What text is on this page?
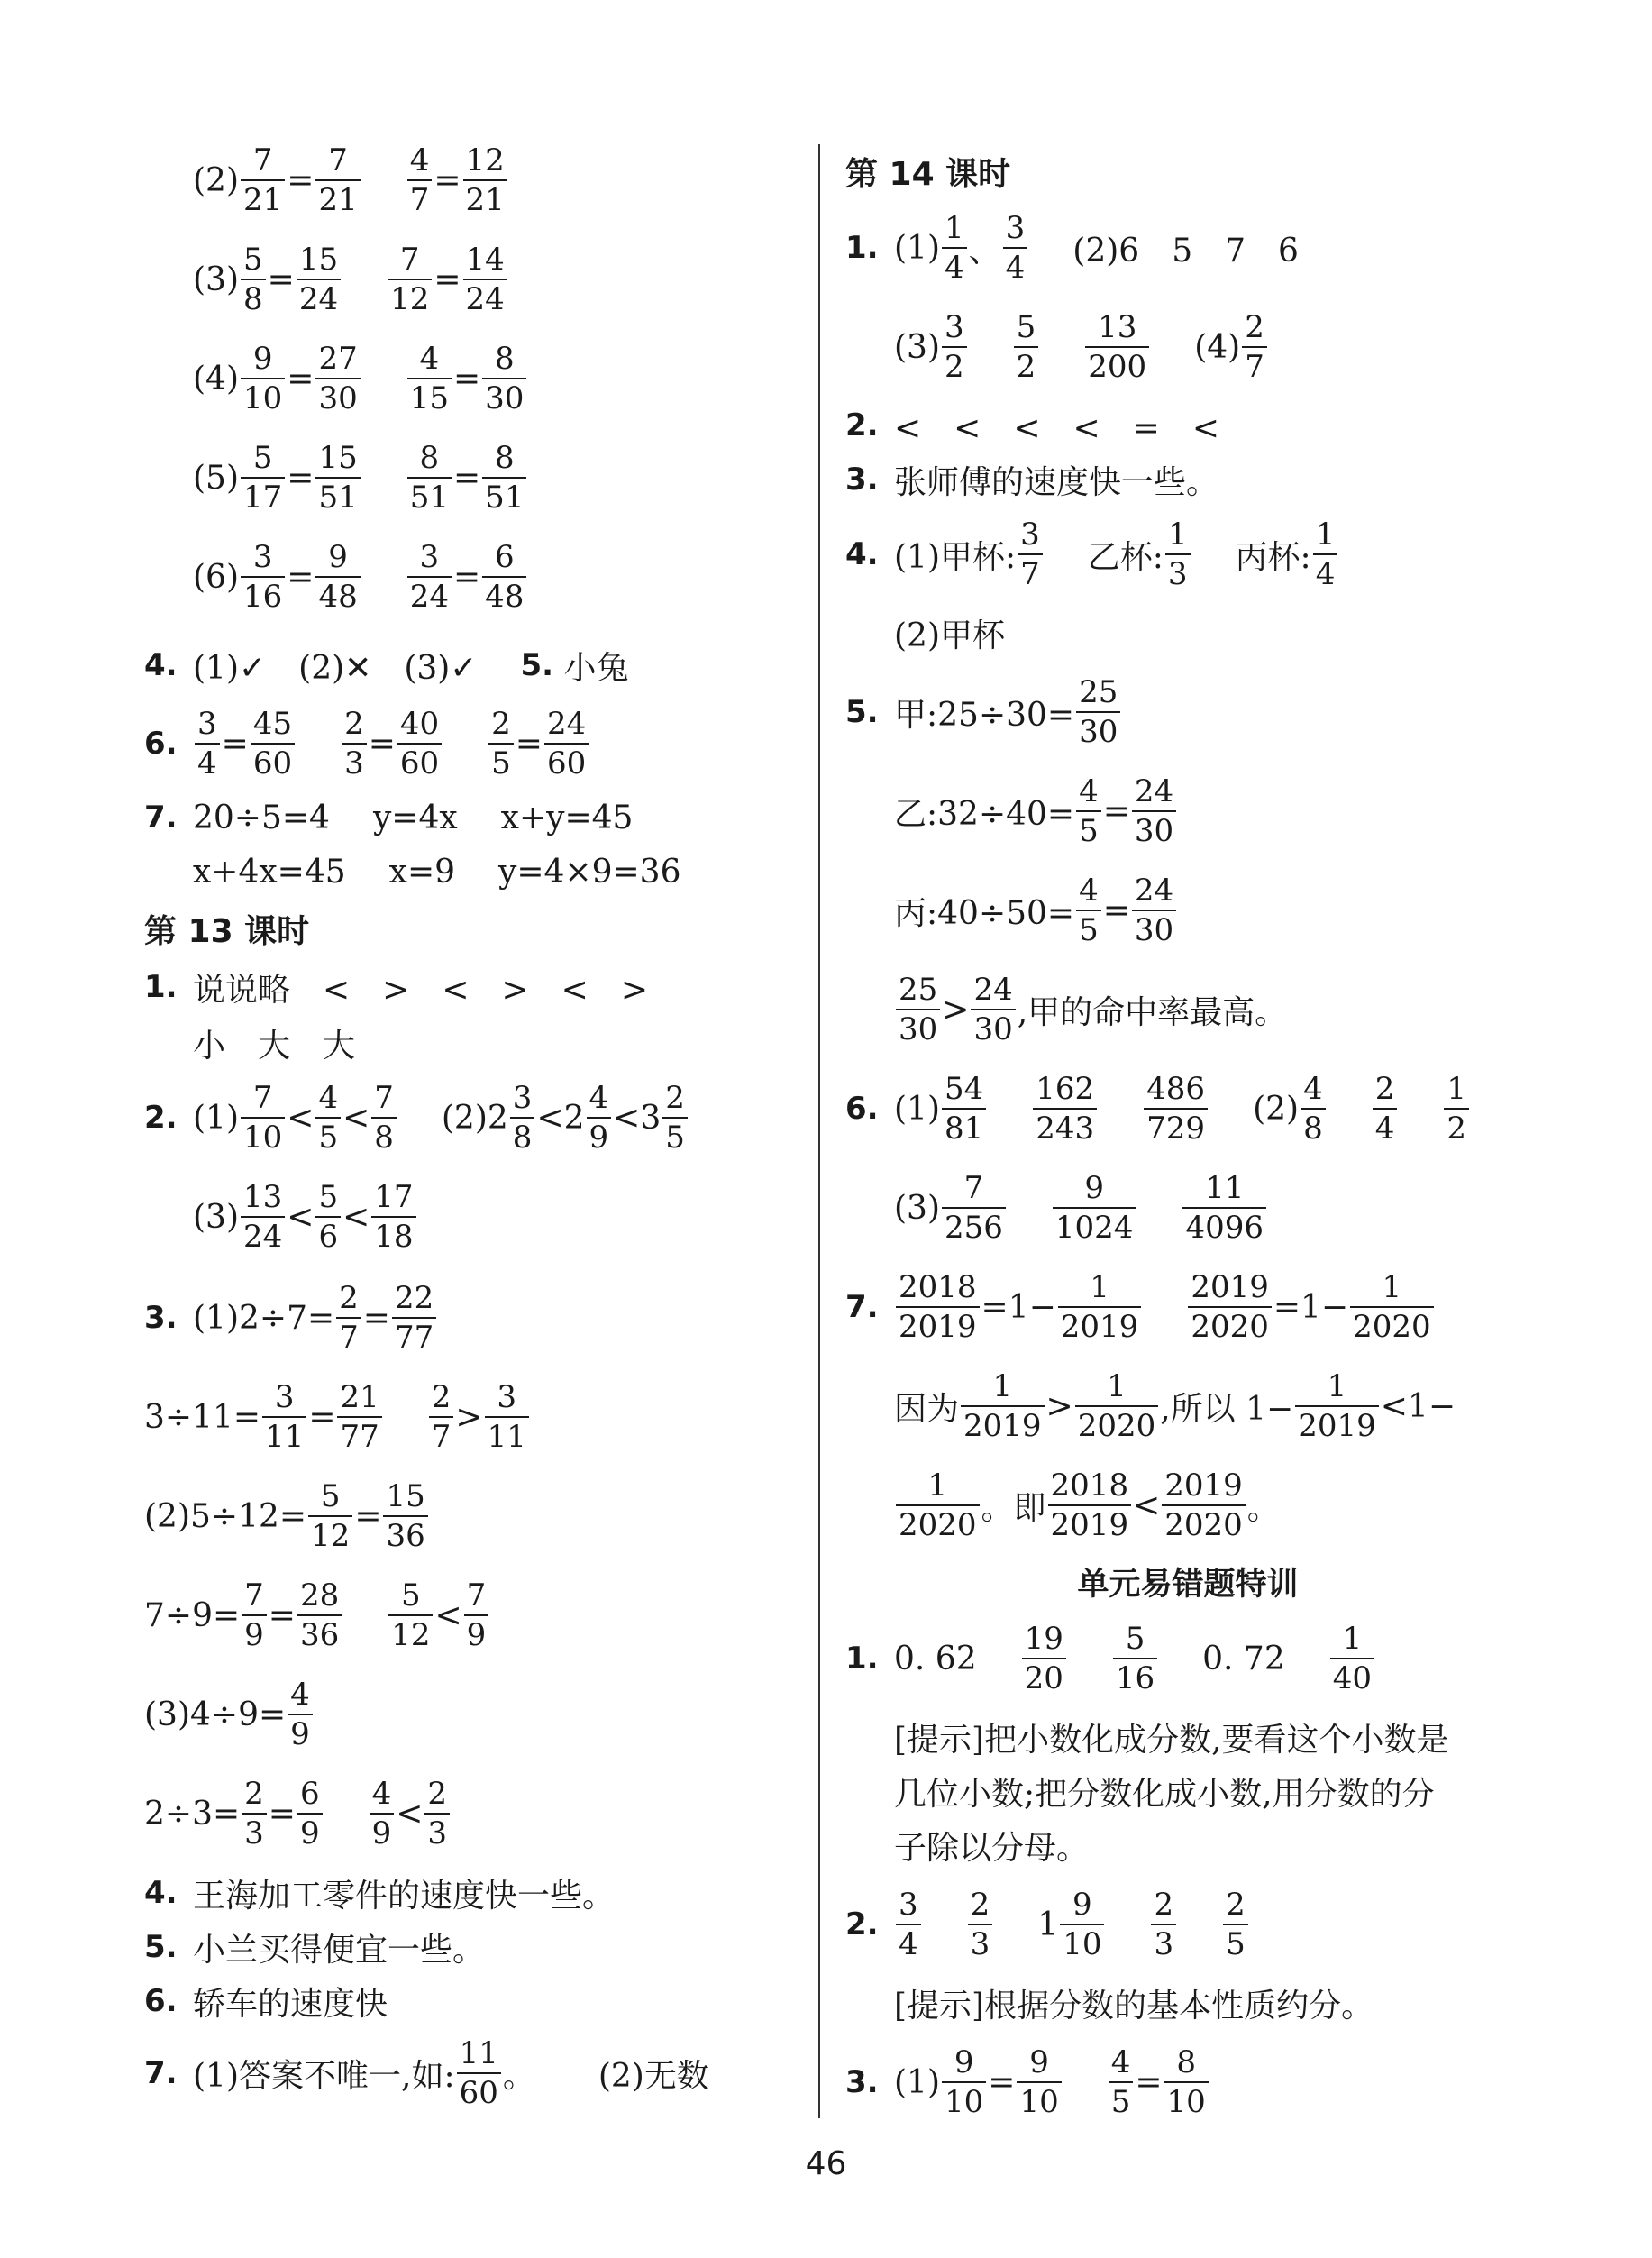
$(2) \frac{7}{21} = \frac{7}{21} \frac{4}{7} = \frac{12}{21}$
$(3) \frac{5}{8} = \frac{15}{24} \frac{7}{12} = \frac{14}{24}$
$(4) \frac{9}{10} = \frac{27}{30} \frac{4}{15} = \frac{8}{30}$
$(5) \frac{5}{17} = \frac{15}{51} \frac{8}{51} = \frac{8}{51}$
$(6) \frac{3}{16} = \frac{9}{48} \frac{3}{24} = \frac{6}{48}$
4. (1)✓　(2)✕　(3)✓ 5. 小兔
6. $\frac{3}{4} = \frac{45}{60} \frac{2}{3} = \frac{40}{60} \frac{2}{5} = \frac{24}{60}$
7. 20÷5=4 y=4x x+y=45
x+4x=45 x=9 y=4×9=36
第 13 课时
1. 说说略　<　>　<　>　<　>
小　大　大
2. $(1) \frac{7}{10} < \frac{4}{5} < \frac{7}{8} (2)$ $2 \frac{3}{8} < 2 \frac{4}{9} < 3 \frac{2}{5}$
$(3) \frac{13}{24} < \frac{5}{6} < \frac{17}{18}$
3. $(1)2\div 7= \frac{2}{7} = \frac{22}{77}$
$3\div 11= \frac{3}{11} = \frac{21}{77} \frac{2}{7} > \frac{3}{11}$
$(2)5\div 12= \frac{5}{12} = \frac{15}{36}$
$7\div 9= \frac{7}{9} = \frac{28}{36} \frac{5}{12} < \frac{7}{9}$
$(3)4\div 9= \frac{4}{9}$
$2\div 3= \frac{2}{3} = \frac{6}{9} \frac{4}{9} < \frac{2}{3}$
4. 王海加工零件的速度快一些。
5. 小兰买得便宜一些。
6. 轿车的速度快
7. (1)答案不唯一,如: $\frac{11}{60}$ 。 (2)无数
第 14 课时
1. $(1) \frac{1}{4}$ 、 $\frac{3}{4} (2)6$　5　7　6
$(3) \frac{3}{2} \frac{5}{2} \frac{13}{200} (4) \frac{2}{7}$
2. <　<　<　<　=　<
3. 张师傅的速度快一些。
4. (1)甲杯: $\frac{3}{7}$ 乙杯: $\frac{1}{3}$ 丙杯: $\frac{1}{4}$
(2)甲杯
5. 甲:25÷30= $\frac{25}{30}$
乙:32÷40= $\frac{4}{5} = \frac{24}{30}$
丙:40÷50= $\frac{4}{5} = \frac{24}{30}$
$\frac{25}{30} > \frac{24}{30}$ ,甲的命中率最高。
6. $(1) \frac{54}{81} \frac{162}{243} \frac{486}{729} (2) \frac{4}{8} \frac{2}{4} \frac{1}{2}$
$(3) \frac{7}{256} \frac{9}{1024} \frac{11}{4096}$
7. $\frac{2018}{2019} = 1- \frac{1}{2019} \frac{2019}{2020} = 1- \frac{1}{2020}$
因为 $\frac{1}{2019} > \frac{1}{2020}$ ,所以 $1- \frac{1}{2019} <1-$
$\frac{1}{2020}$ 。即 $\frac{2018}{2019} < \frac{2019}{2020}$ 。
单元易错题特训
1. 0. $62 \frac{19}{20} \frac{5}{16} 0$. $72 \frac{1}{40}$
[提示]把小数化成分数,要看这个小数是
几位小数;把分数化成小数,用分数的分
子除以分母。
2. $\frac{3}{4} \frac{2}{3} 1 \frac{9}{10} \frac{2}{3} \frac{2}{5}$
[提示]根据分数的基本性质约分。
3. $(1) \frac{9}{10} = \frac{9}{10} \frac{4}{5} = \frac{8}{10}$
46
